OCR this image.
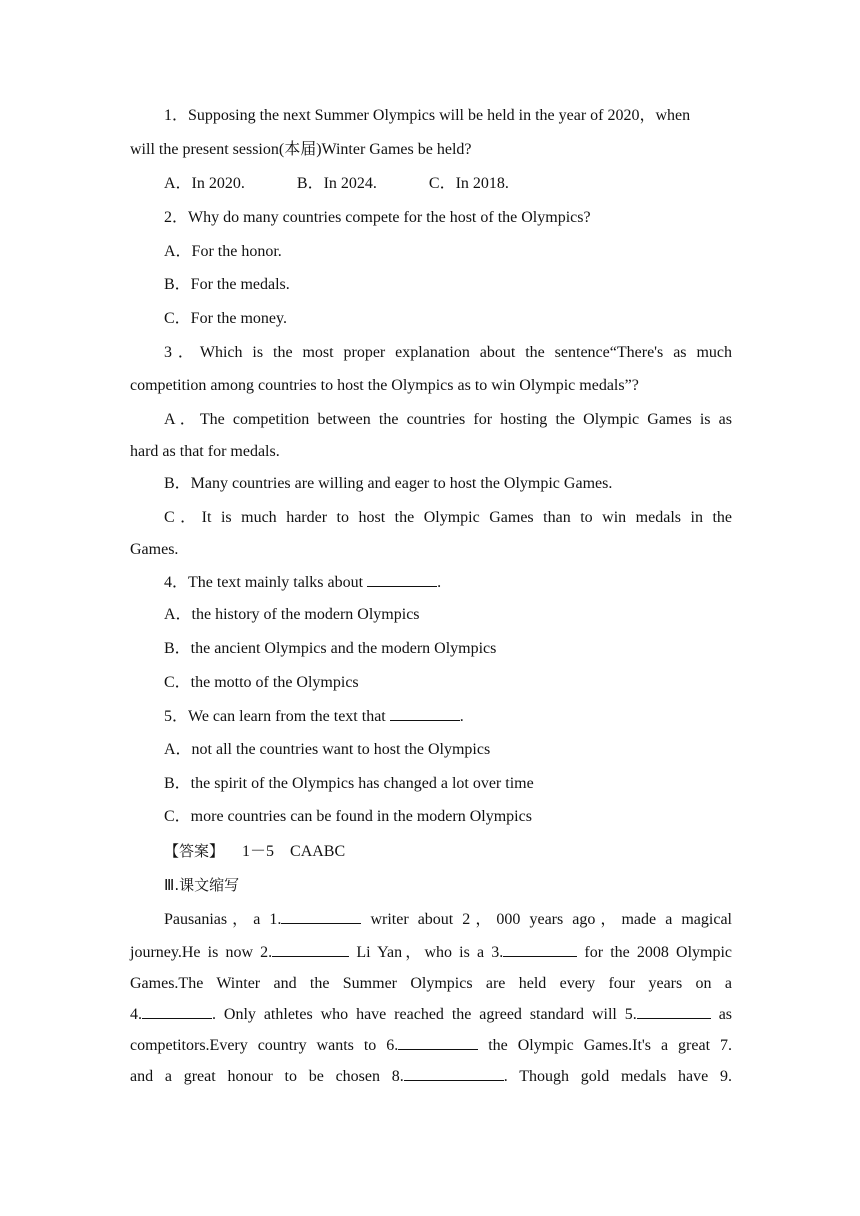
1．Supposing the next Summer Olympics will be held in the year of 2020，when
will the present session(本届)Winter Games be held?
A．In 2020.	B．In 2024.	C．In 2018.
2．Why do many countries compete for the host of the Olympics?
A．For the honor.
B．For the medals.
C．For the money.
3．Which is the most proper explanation about the sentence“There's as much
competition among countries to host the Olympics as to win Olympic medals”?
A．The competition between the countries for hosting the Olympic Games is as
hard as that for medals.
B．Many countries are willing and eager to host the Olympic Games.
C．It is much harder to host the Olympic Games than to win medals in the
Games.
4．The text mainly talks about	.
A．the history of the modern Olympics
B．the ancient Olympics and the modern Olympics
C．the motto of the Olympics
5．We can learn from the text that	.
A．not all the countries want to host the Olympics
B．the spirit of the Olympics has changed a lot over time
C．more countries can be found in the modern Olympics
【答案】 1－5　CAABC
Ⅲ.课文缩写
Pausanias，a 1.	writer about 2，000 years ago，made a magical
journey.He is now 2.	Li Yan，who is a 3.	for the 2008 Olympic
Games.The Winter and the Summer Olympics are held every four years on a
4.	. Only athletes who have reached the agreed standard will 5.	as
competitors.Every country wants to 6.	the Olympic Games.It's a great 7.
and a great honour to be chosen 8.	. Though gold medals have 9.
